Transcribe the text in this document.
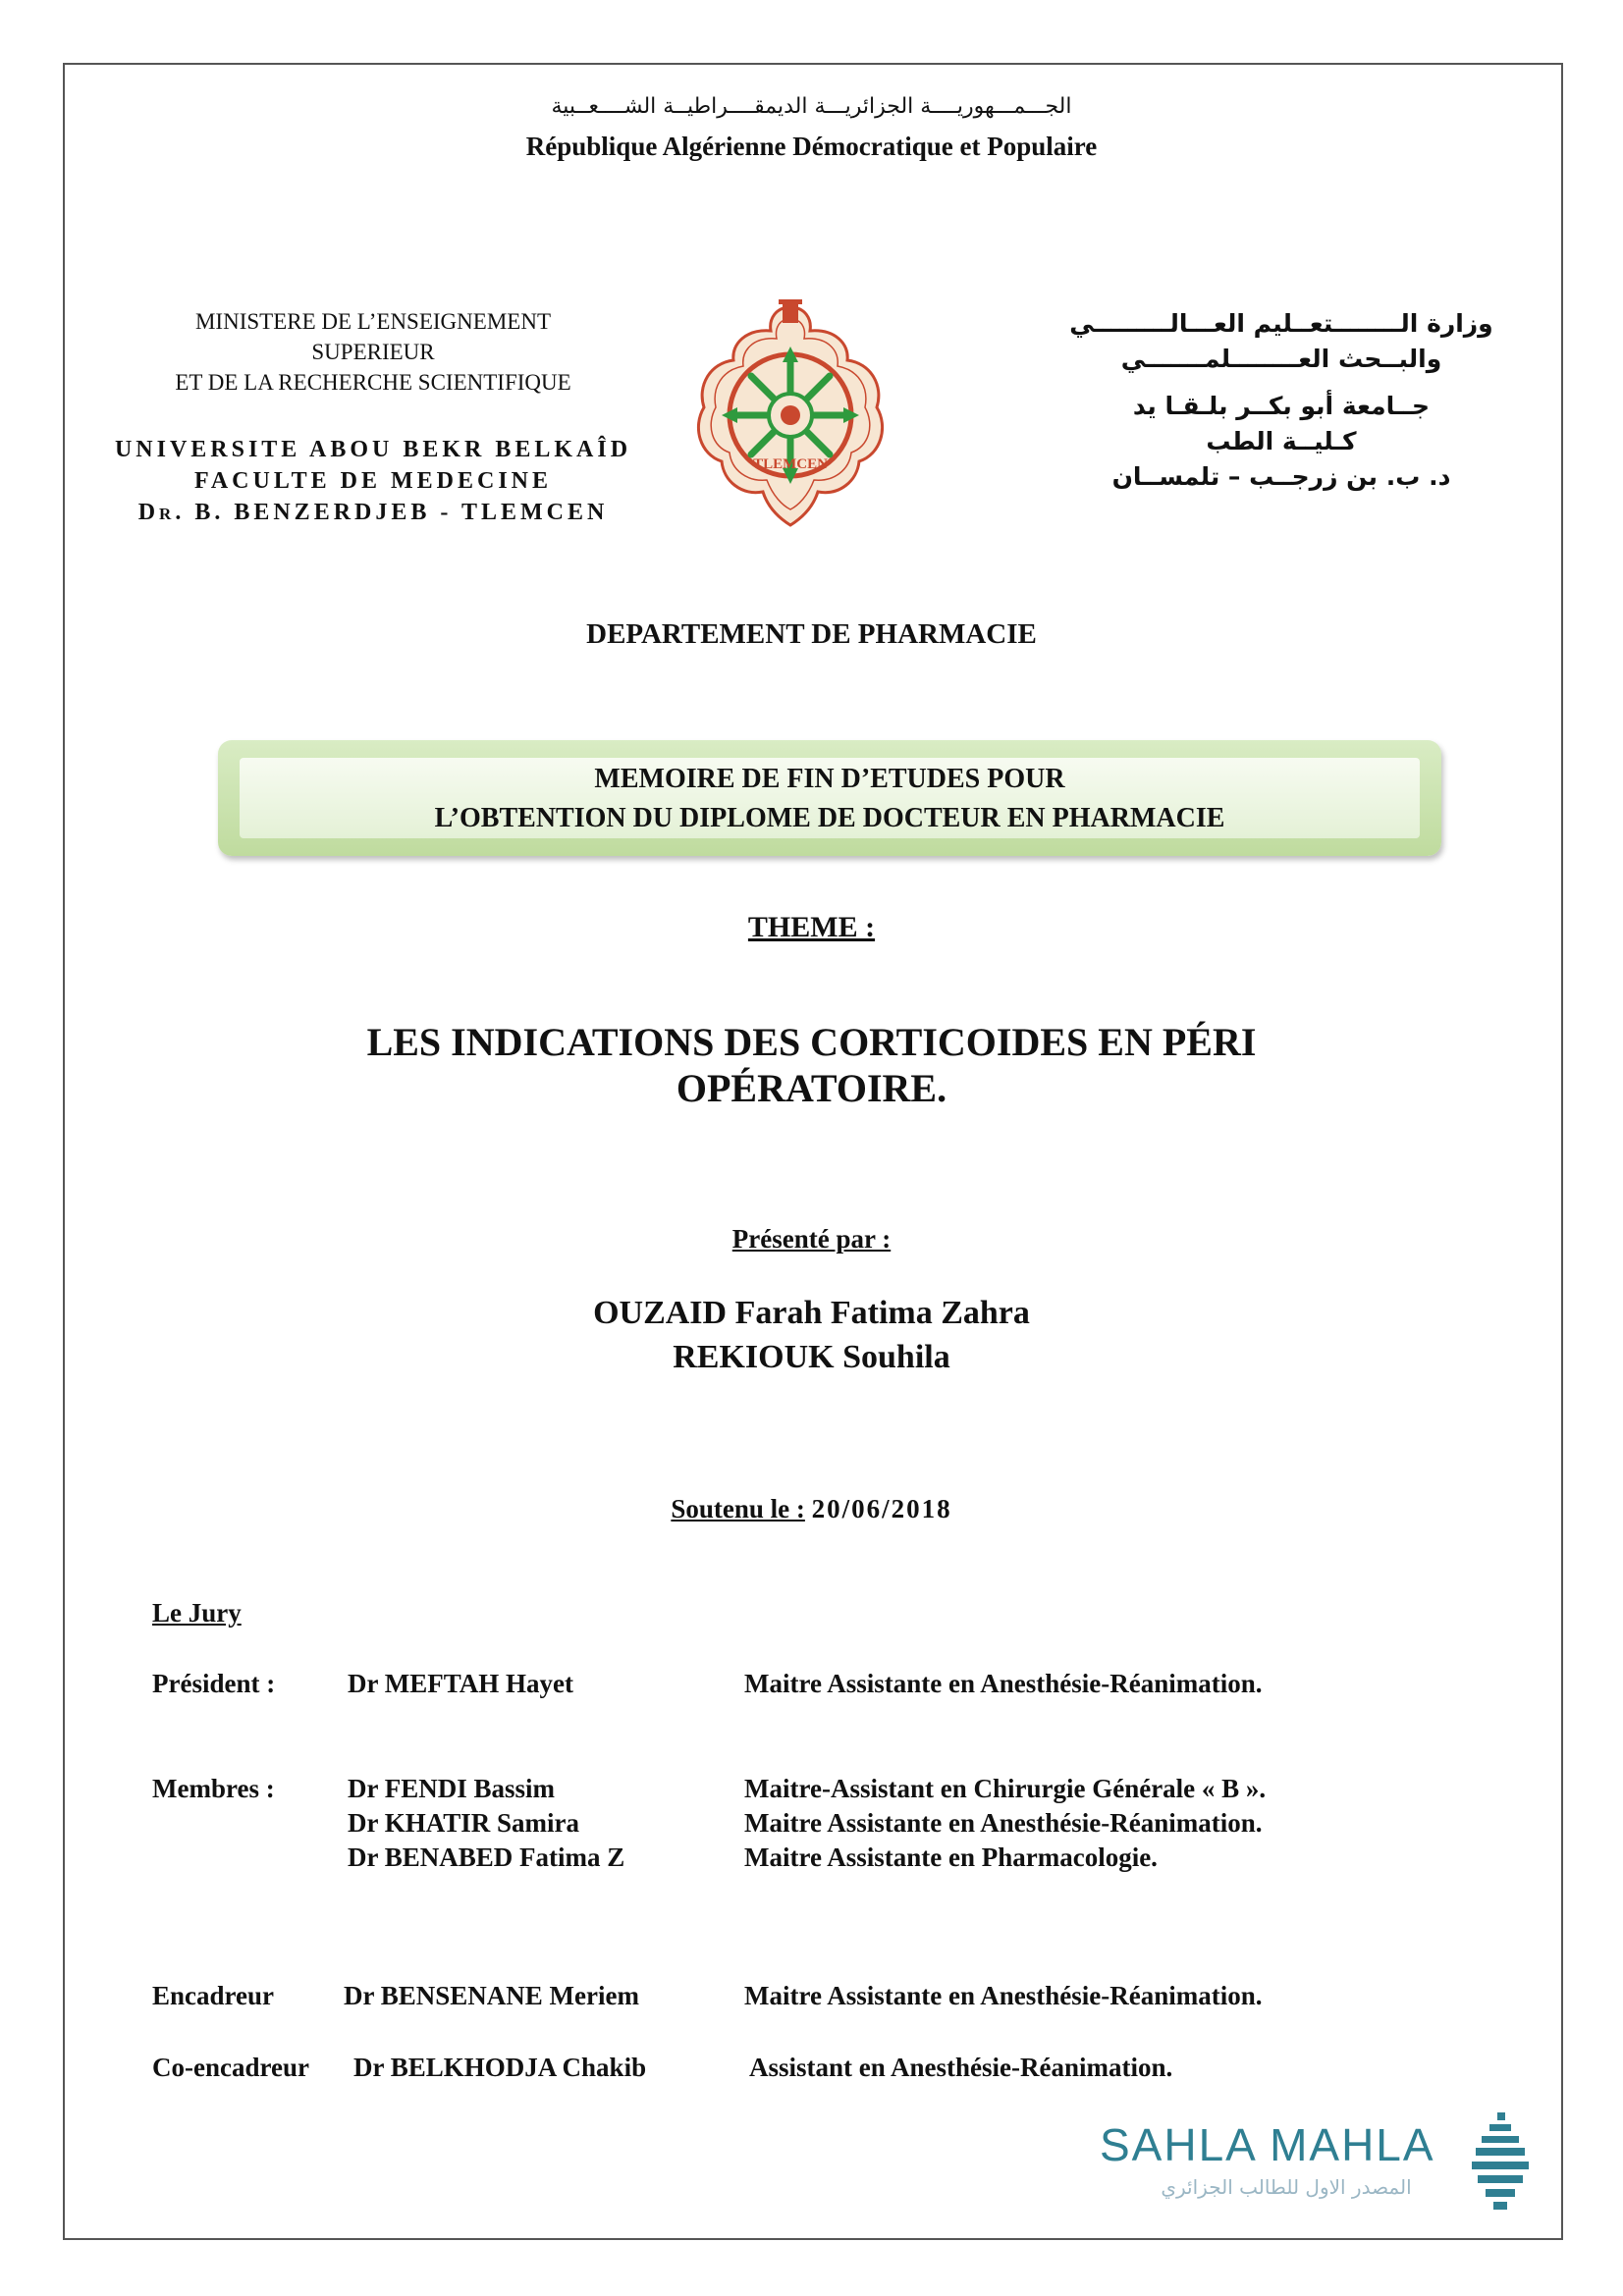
الجـــمـــهوريــــة الجزائريـــة الديمقــــراطيــة الشــــعــبية
République Algérienne Démocratique et Populaire
MINISTERE DE L’ENSEIGNEMENT
SUPERIEUR
ET DE LA RECHERCHE SCIENTIFIQUE
UNIVERSITE ABOU BEKR BELKAÎD
FACULTE DE MEDECINE
DR. B. BENZERDJEB - TLEMCEN
TLEMCEN
وزارة الــــــــتعــليم العـــالـــــــــي
والبــحث العــــــــلمـــــــي
جــامعة أبو بكــر بلـقـا يد
كـليــة الطب
د. ب. بن زرجــب – تلمســان
DEPARTEMENT DE PHARMACIE
MEMOIRE DE FIN D’ETUDES POUR
L’OBTENTION DU DIPLOME DE DOCTEUR EN PHARMACIE
THEME :
LES INDICATIONS DES CORTICOIDES EN PÉRI
OPÉRATOIRE.
Présenté par :
OUZAID Farah Fatima Zahra
REKIOUK Souhila
Soutenu le : 20/06/2018
Le Jury
Président :	Dr MEFTAH Hayet	Maitre Assistante en Anesthésie-Réanimation.
Membres :	Dr FENDI Bassim	Maitre-Assistant en Chirurgie Générale « B ».
Dr KHATIR Samira	Maitre Assistante en Anesthésie-Réanimation.
Dr BENABED Fatima Z	Maitre Assistante en Pharmacologie.
Encadreur	Dr BENSENANE Meriem	Maitre Assistante en Anesthésie-Réanimation.
Co-encadreur Dr BELKHODJA Chakib	Assistant en Anesthésie-Réanimation.
SAHLA MAHLA
المصدر الاول للطالب الجزائري
